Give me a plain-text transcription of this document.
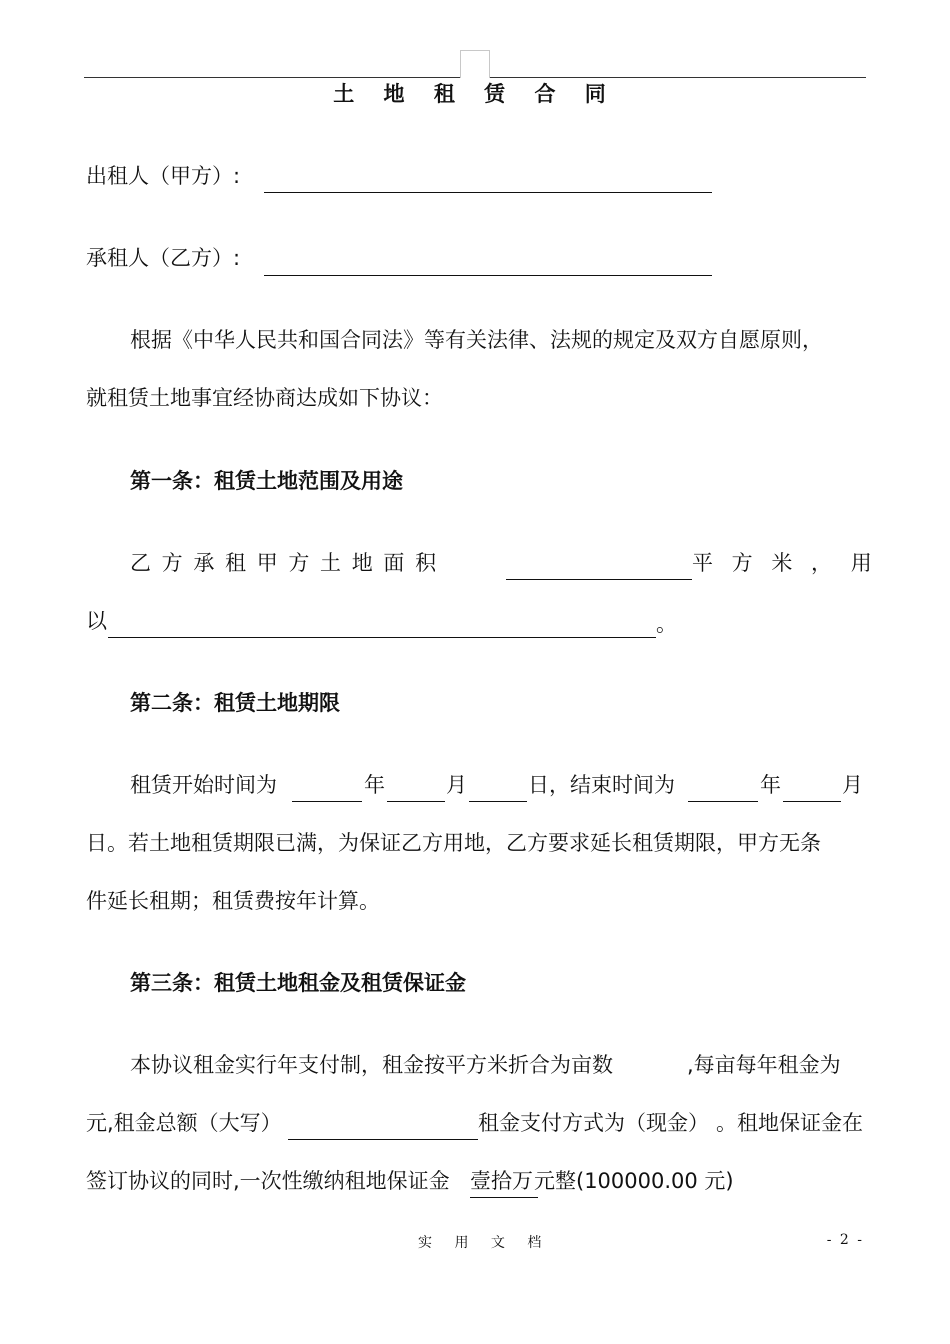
土 地 租 赁 合 同
出租人（甲方）:
承租人（乙方）:
根据《中华人民共和国合同法》等有关法律、法规的规定及双方自愿原则，
就租赁土地事宜经协商达成如下协议：
第一条：租赁土地范围及用途
乙 方 承 租 甲 方 土 地 面 积	平 方 米 ， 用
以	。
第二条：租赁土地期限
租赁开始时间为	年	月	日，结束时间为	年	月
日。若土地租赁期限已满，为保证乙方用地，乙方要求延长租赁期限，甲方无条
件延长租期；租赁费按年计算。
第三条：租赁土地租金及租赁保证金
本协议租金实行年支付制，租金按平方米折合为亩数	,每亩每年租金为
元,租金总额（大写）	租金支付方式为（现金） 。租地保证金在
签订协议的同时,一次性缴纳租地保证金 壹拾万 元整(100000.00 元)
实 用 文 档	- 2 -
